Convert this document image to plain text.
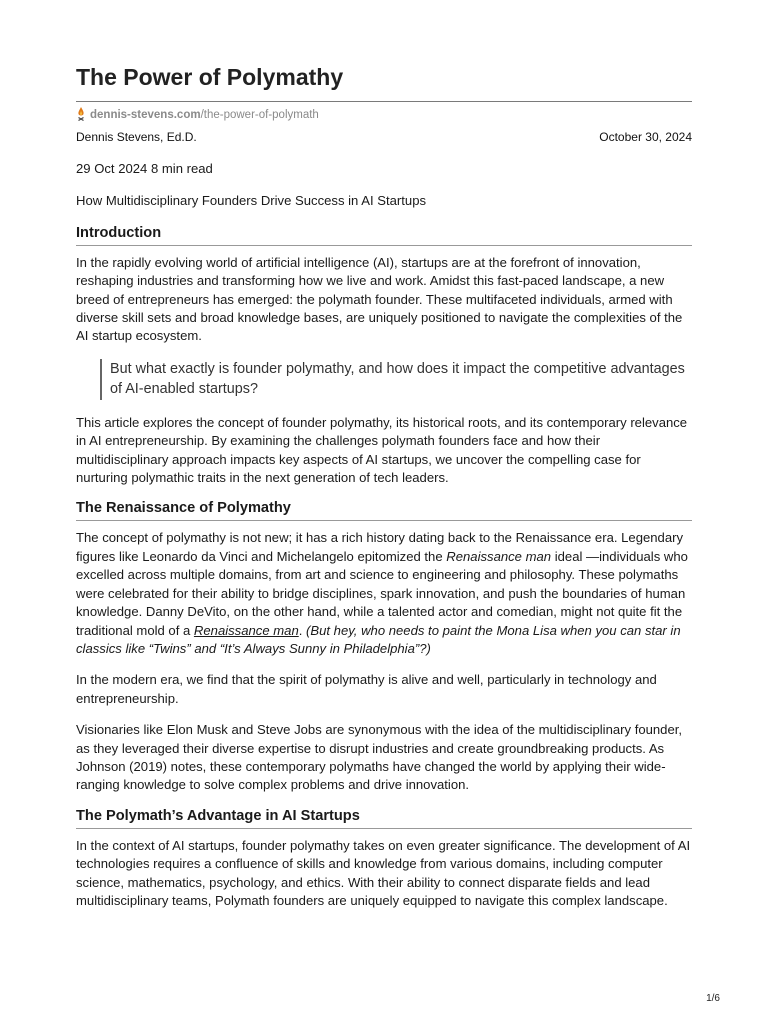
The Power of Polymathy
dennis-stevens.com/the-power-of-polymath
Dennis Stevens, Ed.D.	October 30, 2024

29 Oct 2024 8 min read

How Multidisciplinary Founders Drive Success in AI Startups

Introduction

In the rapidly evolving world of artificial intelligence (AI), startups are at the forefront of innovation, reshaping industries and transforming how we live and work. Amidst this fast-paced landscape, a new breed of entrepreneurs has emerged: the polymath founder. These multifaceted individuals, armed with diverse skill sets and broad knowledge bases, are uniquely positioned to navigate the complexities of the AI startup ecosystem.

But what exactly is founder polymathy, and how does it impact the competitive advantages of AI-enabled startups?

This article explores the concept of founder polymathy, its historical roots, and its contemporary relevance in AI entrepreneurship. By examining the challenges polymath founders face and how their multidisciplinary approach impacts key aspects of AI startups, we uncover the compelling case for nurturing polymathic traits in the next generation of tech leaders.

The Renaissance of Polymathy

The concept of polymathy is not new; it has a rich history dating back to the Renaissance era. Legendary figures like Leonardo da Vinci and Michelangelo epitomized the Renaissance man ideal —individuals who excelled across multiple domains, from art and science to engineering and philosophy. These polymaths were celebrated for their ability to bridge disciplines, spark innovation, and push the boundaries of human knowledge. Danny DeVito, on the other hand, while a talented actor and comedian, might not quite fit the traditional mold of a Renaissance man. (But hey, who needs to paint the Mona Lisa when you can star in classics like “Twins” and “It’s Always Sunny in Philadelphia”?)

In the modern era, we find that the spirit of polymathy is alive and well, particularly in technology and entrepreneurship.

Visionaries like Elon Musk and Steve Jobs are synonymous with the idea of the multidisciplinary founder, as they leveraged their diverse expertise to disrupt industries and create groundbreaking products. As Johnson (2019) notes, these contemporary polymaths have changed the world by applying their wide-ranging knowledge to solve complex problems and drive innovation.

The Polymath’s Advantage in AI Startups

In the context of AI startups, founder polymathy takes on even greater significance. The development of AI technologies requires a confluence of skills and knowledge from various domains, including computer science, mathematics, psychology, and ethics. With their ability to connect disparate fields and lead multidisciplinary teams, Polymath founders are uniquely equipped to navigate this complex landscape.

1/6
